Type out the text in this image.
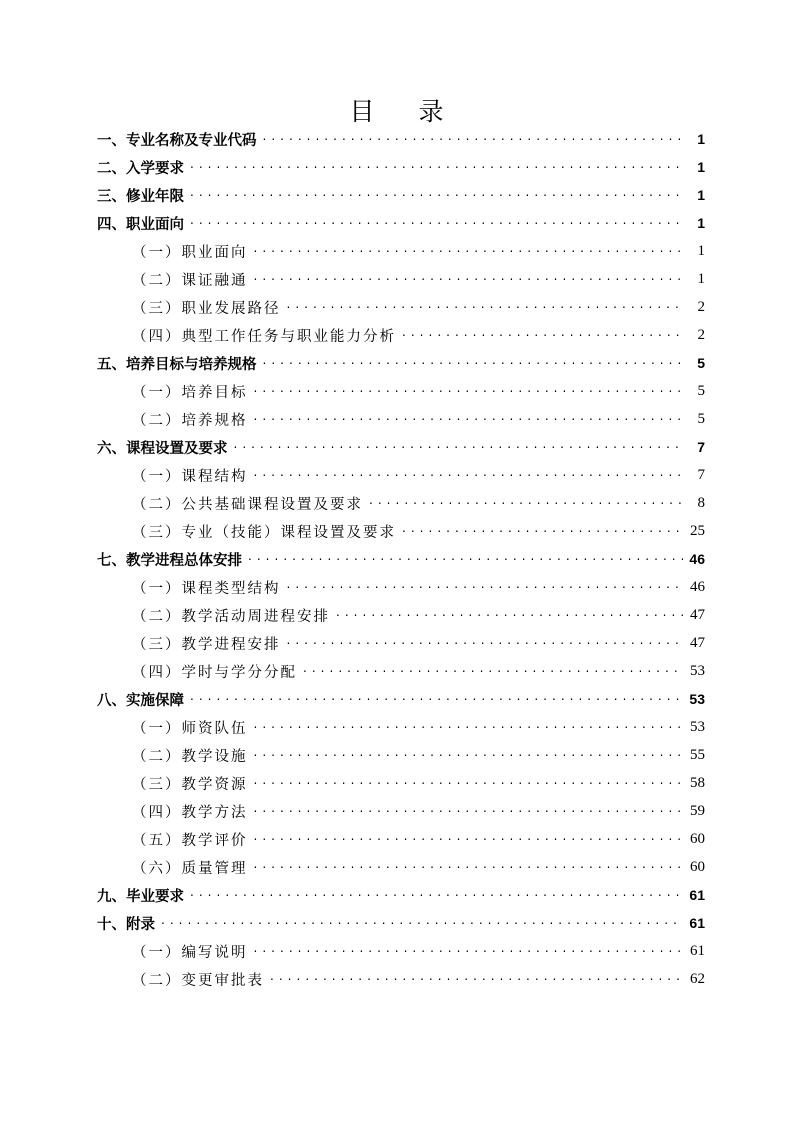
目 录
一、专业名称及专业代码 . . .	1
二、入学要求 . . .	1
三、修业年限 . . .	1
四、职业面向 . . .	1
（一）职业面向 . . .	1
（二）课证融通 . . .	1
（三）职业发展路径 . . .	2
（四）典型工作任务与职业能力分析 . . .	2
五、培养目标与培养规格 . . .	5
（一）培养目标 . . .	5
（二）培养规格 . . .	5
六、课程设置及要求 . . .	7
（一）课程结构 . . .	7
（二）公共基础课程设置及要求 . . .	8
（三）专业（技能）课程设置及要求 . . .	25
七、教学进程总体安排 . . .	46
（一）课程类型结构 . . .	46
（二）教学活动周进程安排 . . .	47
（三）教学进程安排 . . .	47
（四）学时与学分分配 . . .	53
八、实施保障 . . .	53
（一）师资队伍 . . .	53
（二）教学设施 . . .	55
（三）教学资源 . . .	58
（四）教学方法 . . .	59
（五）教学评价 . . .	60
（六）质量管理 . . .	60
九、毕业要求 . . .	61
十、附录 . . .	61
（一）编写说明 . . .	61
（二）变更审批表 . . .	62
